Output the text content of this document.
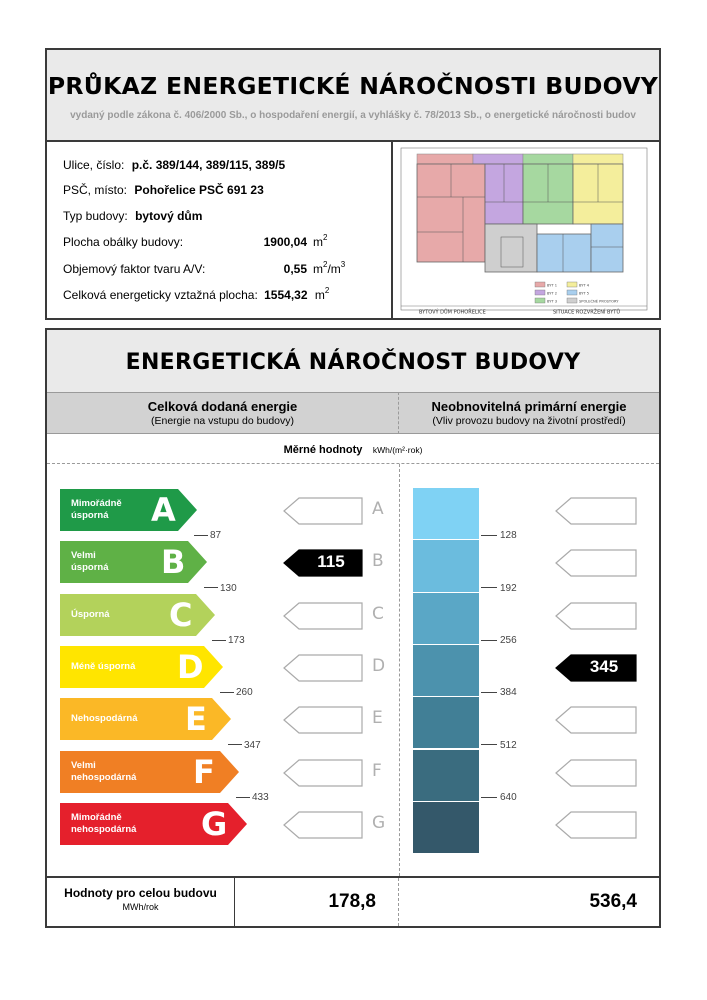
PRŮKAZ ENERGETICKÉ NÁROČNOSTI BUDOVY
vydaný podle zákona č. 406/2000 Sb., o hospodaření energií, a vyhlášky č. 78/2013 Sb., o energetické náročnosti budov
Ulice, číslo: p.č. 389/144, 389/115, 389/5
PSČ, místo: Pohořelice PSČ 691 23
Typ budovy: bytový dům
Plocha obálky budovy:	1900,04 $m^2$
Objemový faktor tvaru A/V:	0,55 $m^2/m^3$
Celková energeticky vztažná plocha: 1554,32 $m^2$
BYT 1	BYT 4
BYT 2	BYT 5
BYT 3	SPOLEČNÉ PROSTORY
BYTOVÝ DŮM POHOŘELICE	SITUACE ROZVRŽENÍ BYTŮ
ENERGETICKÁ NÁROČNOST BUDOVY
Celková dodaná energie
(Energie na vstupu do budovy)
Neobnovitelná primární energie
(Vliv provozu budovy na životní prostředí)
Měrné hodnoty kWh/(m²·rok)
Mimořádně
úsporná	A	A
Velmi
úsporná B	115	B
Úsporná C	C
Méně úsporná D	D	345
Nehospodárná E	E
Velmi
nehospodárná F	F
Mimořádně
nehospodárná G	G
87
130
173
260
347
433
128
192
256
384
512
640
Hodnoty pro celou budovu
MWh/rok	178,8	536,4
